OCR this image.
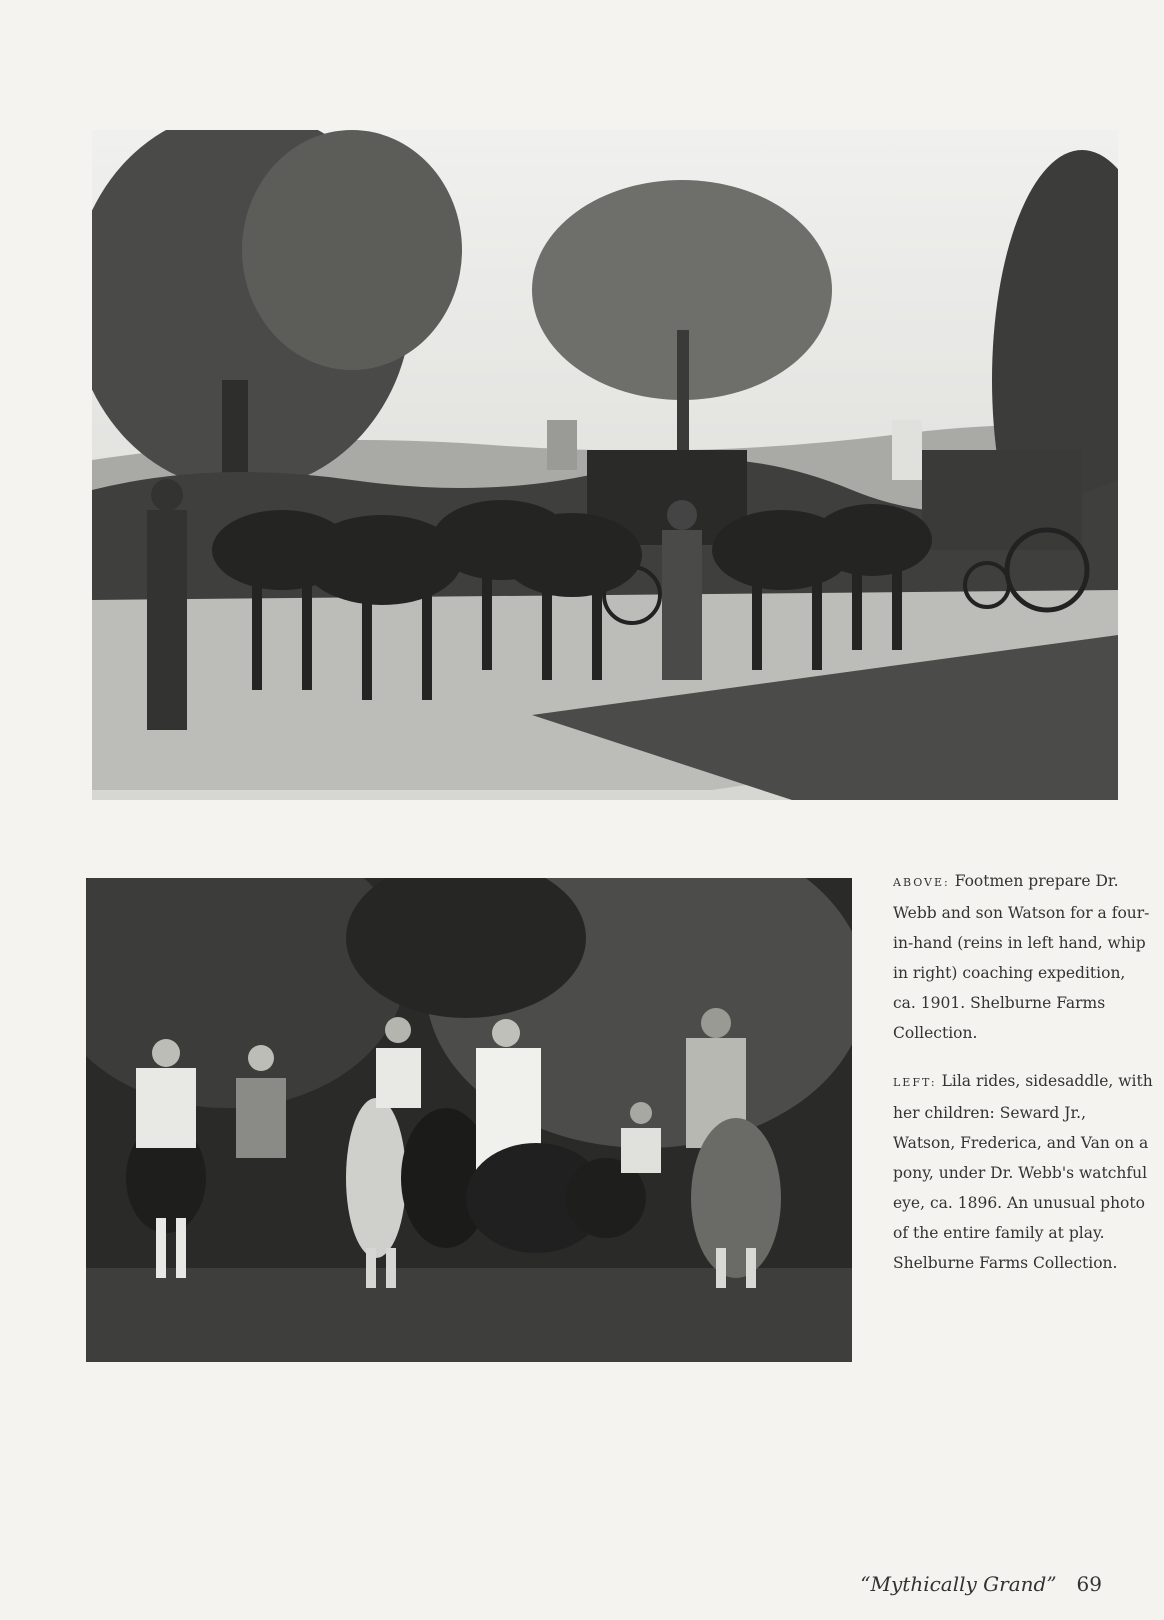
ABOVE: Footmen prepare Dr. Webb and son Watson for a four-in-hand (reins in left hand, whip in right) coaching expedition, ca. 1901. Shelburne Farms Collection.

LEFT: Lila rides, sidesaddle, with her children: Seward Jr., Watson, Frederica, and Van on a pony, under Dr. Webb's watchful eye, ca. 1896. An unusual photo of the entire family at play. Shelburne Farms Collection.

“Mythically Grand” 69
